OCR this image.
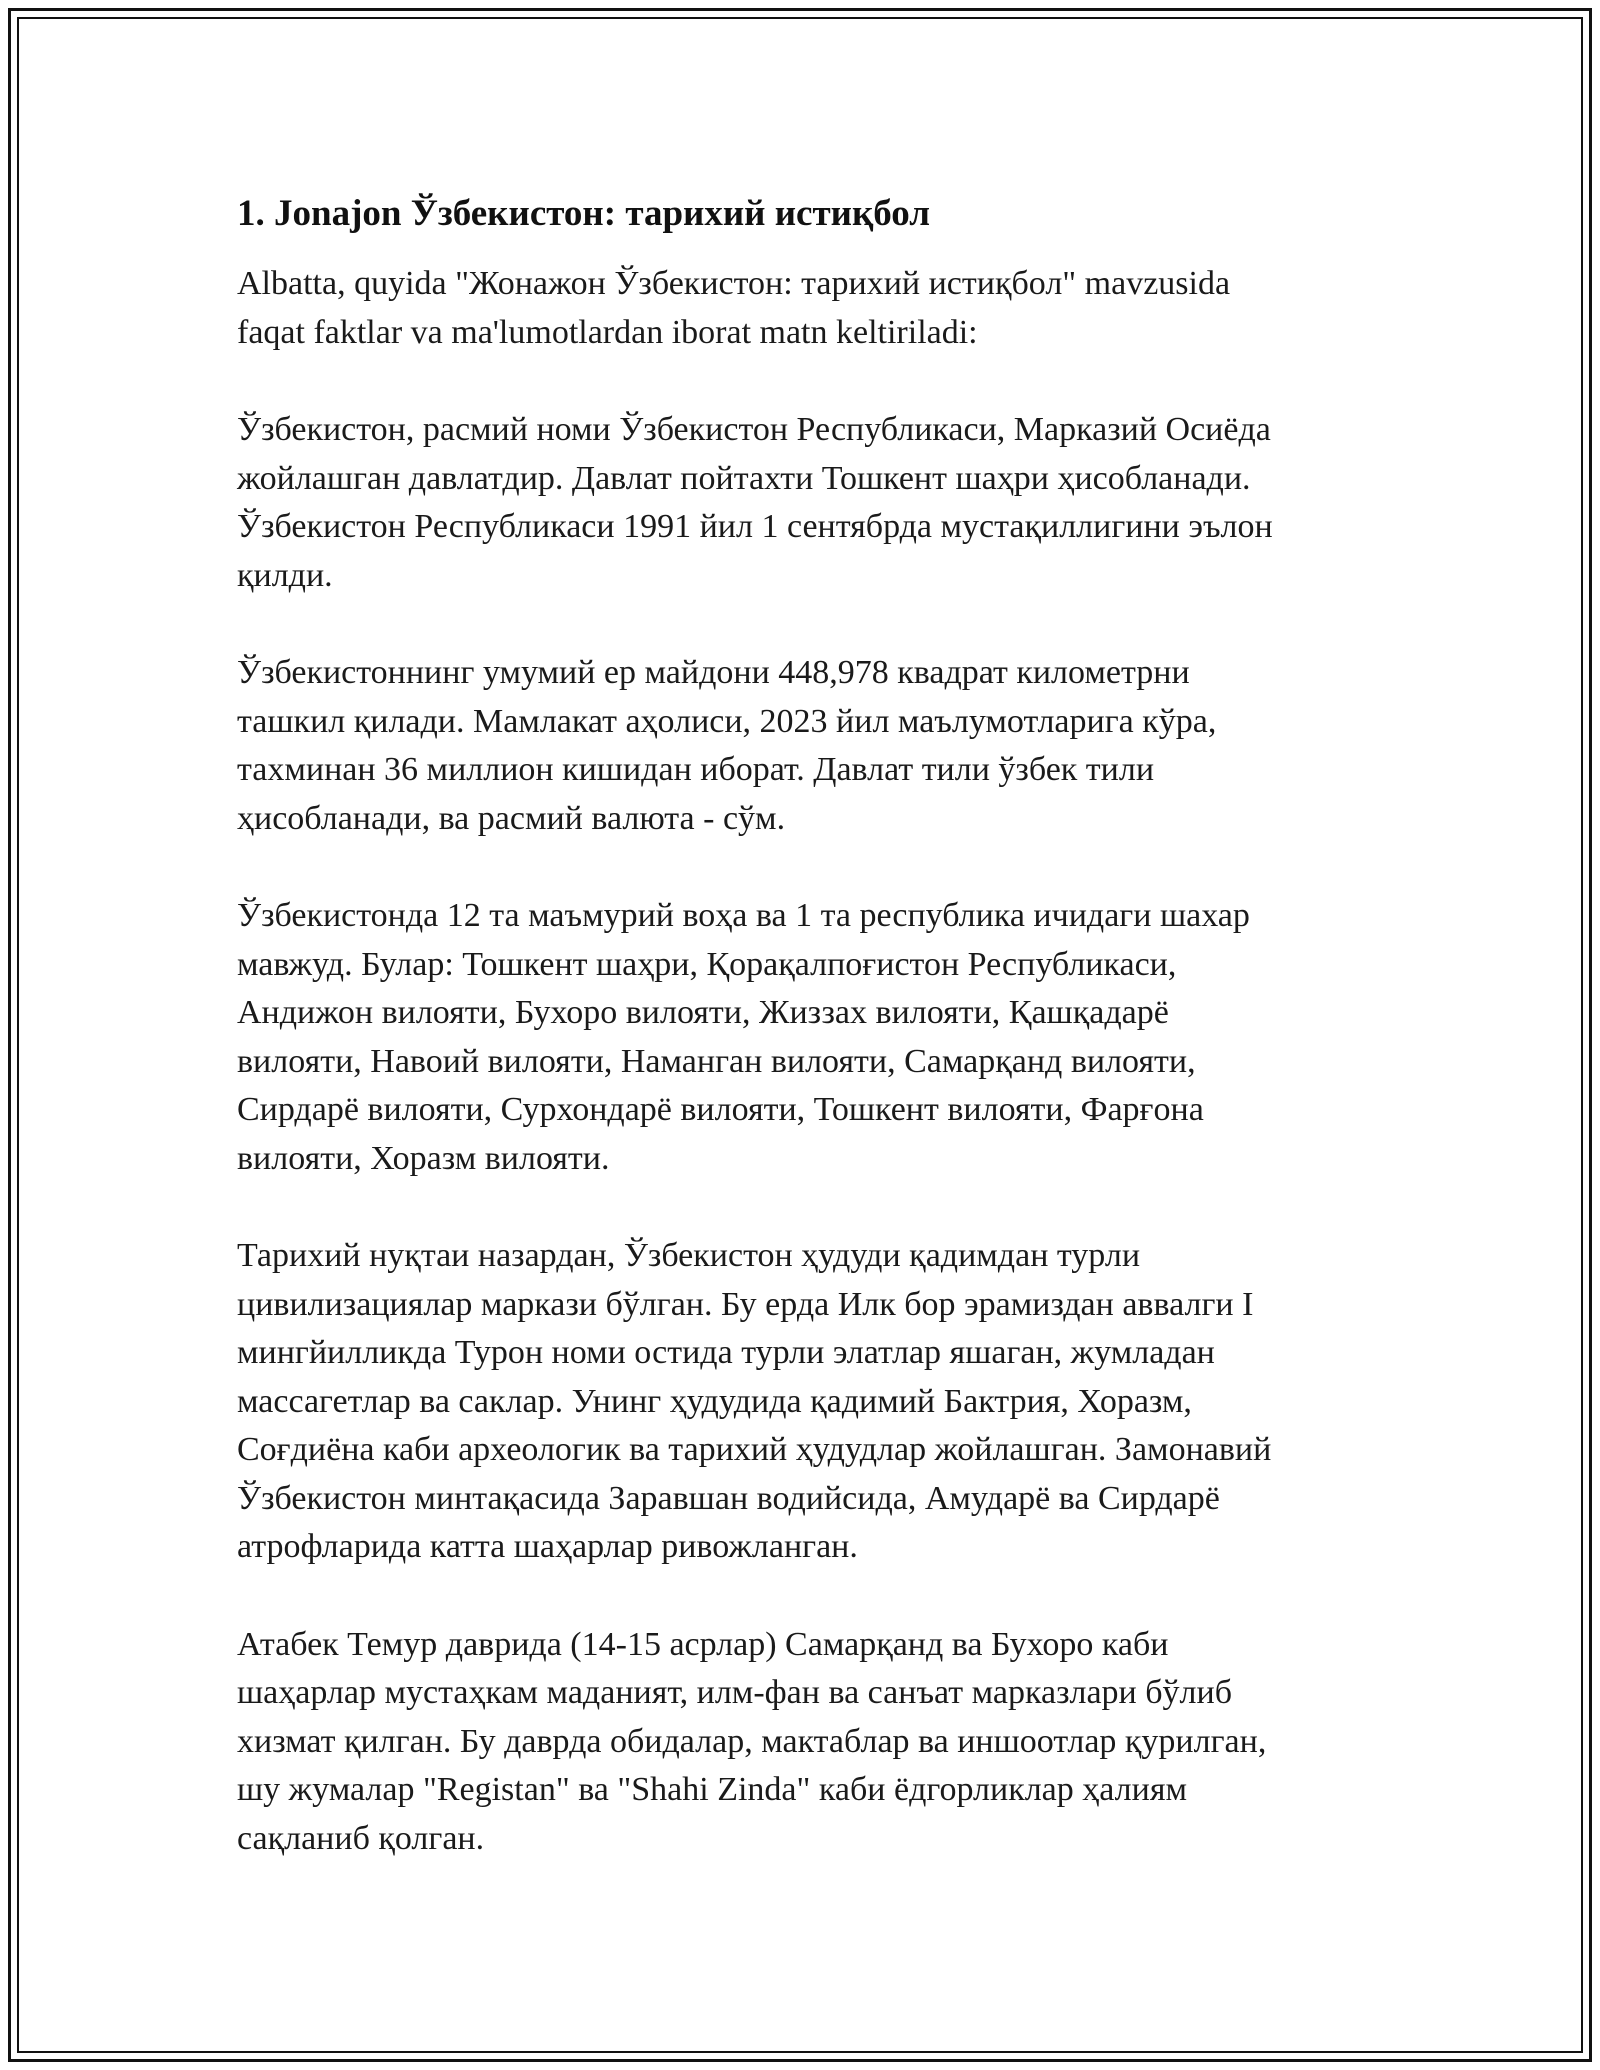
1. Jonajon Ўзбекистон: тарихий истиқбол

Albatta, quyida "Жонажон Ўзбекистон: тарихий истиқбол" mavzusida
faqat faktlar va ma'lumotlardan iborat matn keltiriladi:

Ўзбекистон, расмий номи Ўзбекистон Республикаси, Марказий Осиёда
жойлашган давлатдир. Давлат пойтахти Тошкент шаҳри ҳисобланади.
Ўзбекистон Республикаси 1991 йил 1 сентябрда мустақиллигини эълон
қилди.

Ўзбекистоннинг умумий ер майдони 448,978 квадрат километрни
ташкил қилади. Мамлакат аҳолиси, 2023 йил маълумотларига кўра,
тахминан 36 миллион кишидан иборат. Давлат тили ўзбек тили
ҳисобланади, ва расмий валюта - сўм.

Ўзбекистонда 12 та маъмурий воҳа ва 1 та республика ичидаги шахар
мавжуд. Булар: Тошкент шаҳри, Қорақалпоғистон Республикаси,
Андижон вилояти, Бухоро вилояти, Жиззах вилояти, Қашқадарё
вилояти, Навоий вилояти, Наманган вилояти, Самарқанд вилояти,
Сирдарё вилояти, Сурхондарё вилояти, Тошкент вилояти, Фарғона
вилояти, Хоразм вилояти.

Тарихий нуқтаи назардан, Ўзбекистон ҳудуди қадимдан турли
цивилизациялар маркази бўлган. Бу ерда Илк бор эрамиздан аввалги I
мингйилликда Турон номи остида турли элатлар яшаган, жумладан
массагетлар ва саклар. Унинг ҳудудида қадимий Бактрия, Хоразм,
Соғдиёна каби археологик ва тарихий ҳудудлар жойлашган. Замонавий
Ўзбекистон минтақасида Заравшан водийсида, Амударё ва Сирдарё
атрофларида катта шаҳарлар ривожланган.

Атабек Темур даврида (14-15 асрлар) Самарқанд ва Бухоро каби
шаҳарлар мустаҳкам маданият, илм-фан ва санъат марказлари бўлиб
хизмат қилган. Бу даврда обидалар, мактаблар ва иншоотлар қурилган,
шу жумалар "Registan" ва "Shahi Zinda" каби ёдгорликлар ҳалиям
сақланиб қолган.
